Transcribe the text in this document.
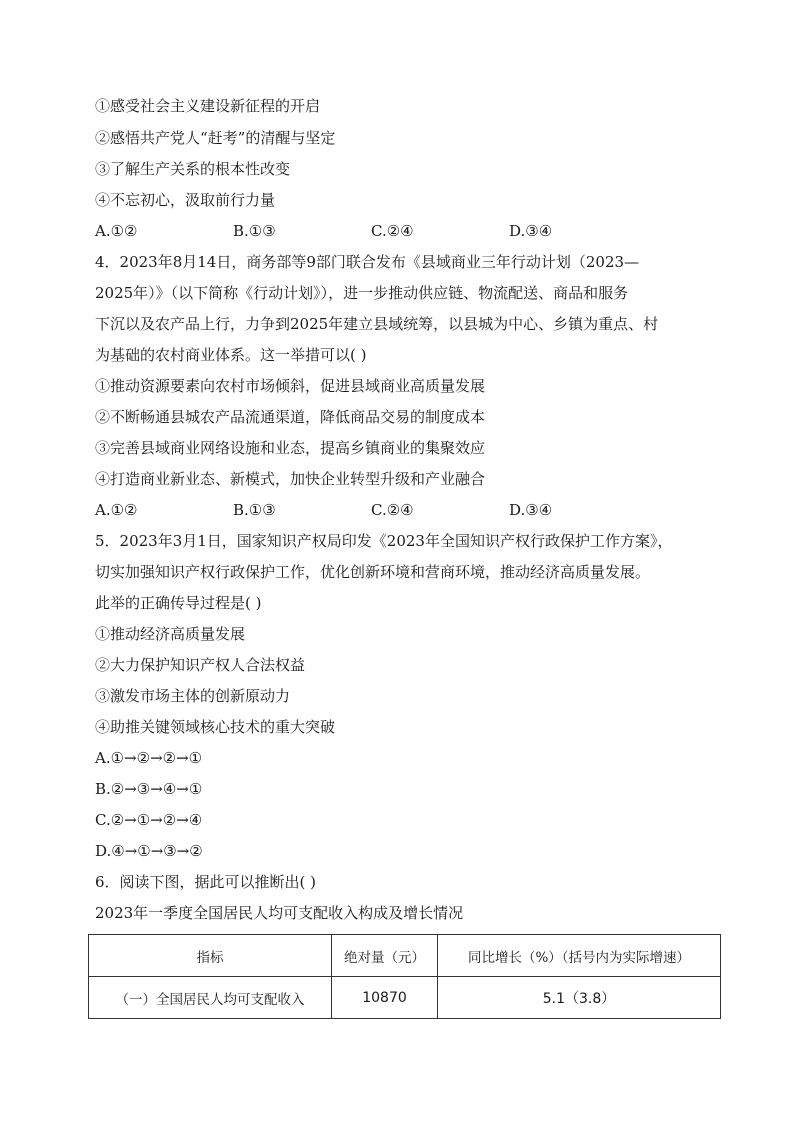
①感受社会主义建设新征程的开启
②感悟共产党人“赶考”的清醒与坚定
③了解生产关系的根本性改变
④不忘初心，汲取前行力量
A.①②	B.①③	C.②④	D.③④
4．2023年8月14日，商务部等9部门联合发布《县域商业三年行动计划（2023—
2025年）》（以下简称《行动计划》），进一步推动供应链、物流配送、商品和服务
下沉以及农产品上行，力争到2025年建立县域统筹，以县城为中心、乡镇为重点、村
为基础的农村商业体系。这一举措可以( )
①推动资源要素向农村市场倾斜，促进县域商业高质量发展
②不断畅通县城农产品流通渠道，降低商品交易的制度成本
③完善县域商业网络设施和业态，提高乡镇商业的集聚效应
④打造商业新业态、新模式，加快企业转型升级和产业融合
A.①②	B.①③	C.②④	D.③④
5．2023年3月1日，国家知识产权局印发《2023年全国知识产权行政保护工作方案》，
切实加强知识产权行政保护工作，优化创新环境和营商环境，推动经济高质量发展。
此举的正确传导过程是( )
①推动经济高质量发展
②大力保护知识产权人合法权益
③激发市场主体的创新原动力
④助推关键领域核心技术的重大突破
A.①→②→②→①
B.②→③→④→①
C.②→①→②→④
D.④→①→③→②
6．阅读下图，据此可以推断出( )
2023年一季度全国居民人均可支配收入构成及增长情况
指标	绝对量（元）	同比增长（%）（括号内为实际增速）
（一）全国居民人均可支配收入	10870	5.1（3.8）
